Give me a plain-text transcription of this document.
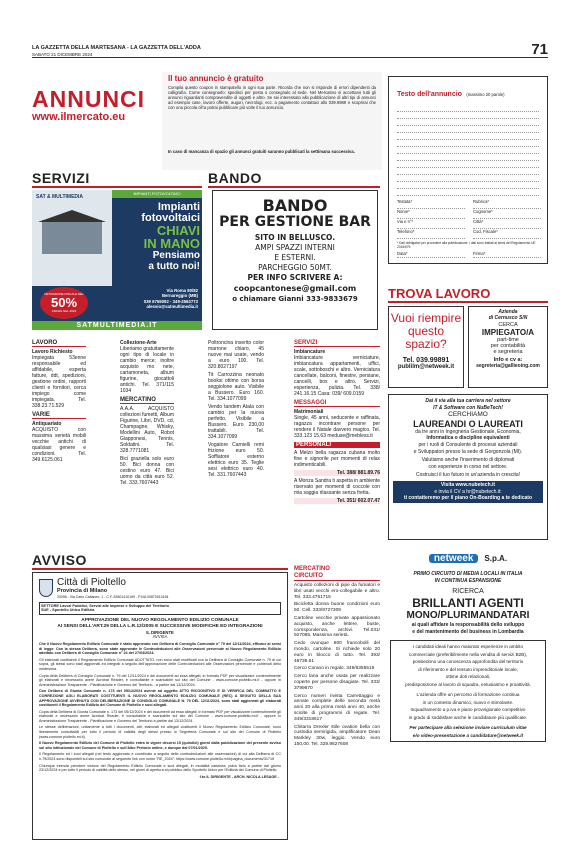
LA GAZZETTA DELLA MARTESANA - LA GAZZETTA DELL'ADDA
SABATO 21 DICEMBRE 2024	71
ANNUNCI
www.ilmercato.eu
Il tuo annuncio è gratuito
Compila questo coupon in stampatello in ogni sua parte. Ricorda che non si risponde di errori dipendenti da calligrafia. Come consegnarlo: spedisci per posta o consegnalo al sede. Nel Mercatino si accettano tutti gli annunci riguardanti compravendite di oggetti e altro. Se sei interessato alla pubblicazione di altri tipi di annunci ad esempio case, lavoro offerte, auguri, necrologi, ecc. a pagamento contattaci allo 039.9989 e scoprirai che con una piccola cifra potrai pubblicare più volte il tuo annuncio.
In caso di mancanza di spazio gli annunci gratuiti saranno pubblicati la settimana successiva.
Testo dell'annuncio (massimo 20 parole)
Testata*
Nome*
Via e n°*
Telefono*
Rubrica*
Cognome*
Città*
Cod. Fiscale*
* Dati obbligatori per procedere alla pubblicazione. I dati sono trattati ai sensi del Regolamento UE 2016/679.
Data*	Firma*
SERVIZI	BANDO
SAT & MULTIMEDIA
IMPIANTI FOTOVOLTAICI
Impianti
fotovoltaici
CHIAVI
IN MANO
Pensiamo
a tutto noi!
DETRAZIONE FISCALE DEL
50%
ANCHE NEL 2024
Via Roma 80/82
Bernareggio (MB)
039 6755092 - 349-2563772
alessio@satmultimedia.it
SATMULTIMEDIA.IT
BANDO
PER GESTIONE BAR
SITO IN BELLUSCO.
AMPI SPAZZI INTERNI
E ESTERNI.
PARCHEGGIO 50MT.
PER INFO SCRIVERE A:
coopcantonese@gmail.com
o chiamare Gianni 333-9833679
LAVORO
Lavoro Richiesto

Impiegata 53enne responsabile ed affidabile, esperta fatture, ddt, spedizioni, gestione ordini, rapporti clienti e fornitori, cerca impiego come impiegata. Tel. 338.23.71.529

VARIE
Antiquariato

ACQUISTO con massima serietà mobili vecchie antichi di qualsiasi genere e condizioni. Tel. 349.6125.061

Collezione-Arte

Liberiamo gratuitamente ogni tipo di locale in cambio merce; inoltre acquisto mo nete, cartamoneta, album figurine, giocattoli antichi. Tel. 371/115 1034

MERCATINO

A.A.A. ACQUISTO collezioni fumetti, Album Figurine, Libri, DVD, cd, Champagne, Whisky, Modellini Auto, Robot Giapponesi, Tennis, Soldatini. Tel. 328.7771081

Bici graziella solo euro 50. Bici donna con cestino euro 47. Bici uomo da città euro 52. Tel. 333.7607443

Poltroncina inserito color marrone chiaro, 45 nuove mai usate, vendo a euro 100. Tel. 320.8027197

Tit Carrozzina neonato booksi ottimo con borsa seggiolone auto. Visibile a Bussero. Euro 160. Tel. 334.1077099

Vendo tandem Atala con cambio per la nuova perfetto. Visibile a Bussero. Euro 230,00 trattabili. Tel. 334.1077099

Vogatore Carnielli remi frizione euro 50. Soffiatore esterno elettrico euro 35. Teglie sesi elettrico euro 40. Tel. 331.7607443

SERVIZI
Imbiancature

Imbiancature verniciature, imbiancatura appartamenti, uffici, scale, sottoboschi e altro. Verniciatura cancellate, balconi, finestre, persiane, cancelli, box e altro. Servizi, esperienza, pulizia. Tel. 338/ 241.16.15 Casa: 039/ 609.0159

MESSAGGI
Matrimoniali

Single, 45 anni, seducente e raffinata, ragazza incontrare persone per rendere il Natale davvero magico. Tel. 333.123 15.63 meduse@mebless.it

PERSONALI

A Melzo bella ragazza cubana molto fine e signorile per momenti di relax indimenticabili.

Tel. 388/ 881.89.76

A Monza Sandra ti aspetta in ambiente riservato per momenti di coccole con mia saggia rilassante senza fretta.

Tel. 351/ 602.07.47
TROVA LAVORO
Vuoi riempire
questo
spazio?
Tel. 039.99891
publilm@netweek.it
Azienda
di Cernusco S/N
CERCA
IMPIEGATO/A
part-time
per contabilità
e segreteria
Info e cv a:
segreteria@gallieoing.com
Dai il via alla tua carriera nel settore
IT & Software con NuBeTech!
CERCHIAMO
LAUREANDI O LAUREATI
da tre anni in Ingegneria Gestionale, Economia,
Informatica o discipline equivalenti
per i ruoli di Consulente di processi aziendali
e Sviluppatori presso la sede di Gorgonzola (MI).
Valutiamo anche l'inserimento di diplomati
con esperienze in corso nel settore.
Costruisci il tuo futuro in un'azienda in crescita!
Visita www.nubetech.it
e invia il CV a hr@nubetech.it:
ti contatteremo per il piano On-Boarding a te dedicato
AVVISO
Città di Pioltello
Provincia di Milano
20096 - Via Carlo Cattaneo, 1 - C.F. 83501410159 - P.IVA 00870010154
SETTORE Lavori Pubblici, Servizi alle Imprese e Sviluppo del Territorio
SUE - Sportello Unico Edilizia
APPROVAZIONE DEL NUOVO REGOLAMENTO EDILIZIO COMUNALE
AI SENSI DELL'ART.29 DELLA L.R.12/2005 E SUCCESSIVE MODIFICHE ED INTEGRAZIONI
IL DIRIGENTE
AVVISA

Che il Nuovo Regolamento Edilizio Comunale è stato approvato con Delibera di Consiglio Comunale n° 79 del 12/11/2024, efficace ai sensi di legge. Con la stessa Delibera, sono state approvate le Controdeduzioni alle Osservazioni pervenute al Nuovo Regolamento Edilizio adottato con Delibera di Consiglio Comunale n° 24 del 27/04/2024.

Gli elaborati costituenti il Regolamento Edilizio Comunale ADOTTATO, non sono stati modificati con la Delibera di Consiglio Comunale n. 79 di cui sopra, gli stessi sono stati aggiornati ed integrati a seguito dell'approvazione delle Controdeduzioni alle Osservazioni pervenute e contenuti dello medesima.

Copia della Delibera di Consiglio Comunale n. 79 del 12/11/2024 e dei documenti ad essa allegati, in formato PDF per visualizzare contenutimente gli elaborati e necessario avere Acrobat Reader, è consultabile e scaricabile sul sito del Comune - www.comune.pioltello.mi.it - oppure in Amministrazione Trasparente - Pianificazione e Governo del Territorio - a partire dal 13/12/2024.

Con Delibera di Giunta Comunale n. 173 del 05/12/2024 avente ad oggetto ATTO RICOGNITIVO E DI VERIFICA DEL COMBATTO E CORREZIONE AGLI ELABORATI COSTITUENTI IL NUOVO REGOLAMENTO EDILIZIO COMUNALE (REC) A SEGUITO DELLA SUA APPROVAZIONE AVVENUTA CON DELIBERAZIONE DI CONSIGLIO COMUNALE N. 79 DEL 12/11/2024, sono stati aggiornati gli elaborati costituenti il Regolamento Edilizio del Comune di Pioltello e suoi allegati.

Copia della Delibera di Giunta Comunale n. 173 del 05/12/2024 e dei documenti ad essa allegati, in formato PDF per visualizzare contenutimente gli elaborati e necessario avere Acrobat Reader, è consultabile e scaricabile sul sito del Comune - www.comune.pioltello.mi.it - oppure in Amministrazione Trasparente - Pianificazione e Governo del Territorio a partire dal 13/12/2024.

Le stesse deliberazioni, unitamente a tutti i documenti, atti, elaborati ed allegati costituenti il Nuovo Regolamento Edilizio Comunale, sono liberamente consultabili per tutto il periodo di validità degli stessi presso lo Segreteria Comunale e sul sito del Comune di Pioltello (www.comune.pioltello.mi.it).

Il Nuovo Regolamento Edilizio del Comune di Pioltello entra in vigore decorsi 15 (quindici) giorni dalla pubblicazione del presente avviso sul sito istituzionale del Comune di Pioltello e sull'Albo Pretorio online, e dunque dal 07/01/2025.

Il Regolamento ed i suoi allegati (nel testo aggiornato e coordinato a seguito delle controdeduzioni alle osservazioni) di cui alla Delibera di CC n.79/2024 sono disponibili sul sito comunale al seguente link con nome "RE_2024": https://www.comune.pioltello.mi.it/pagina_documento/31715

Chiunque intenda prendere visione del Regolamento Edilizio Comunale e suoi allegati, in modalità cartacea, potrà farlo a partire dal giorno 23/12/2024 e per tutto il periodo di validità dello stesso, nei giorni di apertura al pubblico dello Sportello Unico per l'Edilizia del Comune di Pioltello.

f.to IL DIRIGENTE - ARCH. NICOLA LESAGE -
MERCATINO
CIRCUITO

Acquisto collezioni di pipe da fumatori e libri usati vecchi ero-collegabile e altro. Tel. 333.4751715

Bicicletta donna buone condizioni euro 50. Cell. 333/9727309

Cartoline vecchie private appassionato acquisto, anche lettere, buste, corrispondenza, archivi. Tel.031/ 927085. Massima serietà.

Cedo ovunque 800 francobolli del mondo, cartoline. Si richiede solo 20 euro in blocco di tutto. Tel. 393/ 48739.61

Cerco Corano in regalo. 349/6355519

Cerco lana anche usata per realizzare coperte per persone disagiate. Tel. 333/ 3799670

Cerco numeri rivista Carrettaggio e annate complete delle seconda metà anni 20 alla prima metà anni 40, anche sciolte di programmi di regate. Tel. 349/3318617

Chitarra Drexler stile ovation bella con custodia semirigida, amplificatore Dean Markley 30w, leggio. Vendo euro 150,00. Tel. 329.9827608

netweek	S.p.A.
PRIMO CIRCUITO DI MEDIA LOCALI IN ITALIA
IN CONTINUA ESPANSIONE
RICERCA
BRILLANTI AGENTI
MONO/PLURIMANDATARI
ai quali affidare la responsabilità dello sviluppo
e del mantenimento del business in Lombardia
I candidati ideali hanno maturato esperienze in ambito
commerciale (preferibilmente nella vendita di servizi B2B),
possiedono una conoscenza approfondita del territorio
di riferimento e del tessuto imprenditoriale locale,
ottime doti relazionali,
predisposizione al lavoro di squadra, entusiasmo e proattività.
L'azienda offre un percorso di formazione continua
in un contesto dinamico, nuovo e stimolante.
Inquadramento a p.iva e piano provvigionale competitivo
in grado di soddisfare anche le candidature più qualificate.
Per partecipare alla selezione inviare curriculum vitae
e/o video-presentazione a candidature@netweek.it
